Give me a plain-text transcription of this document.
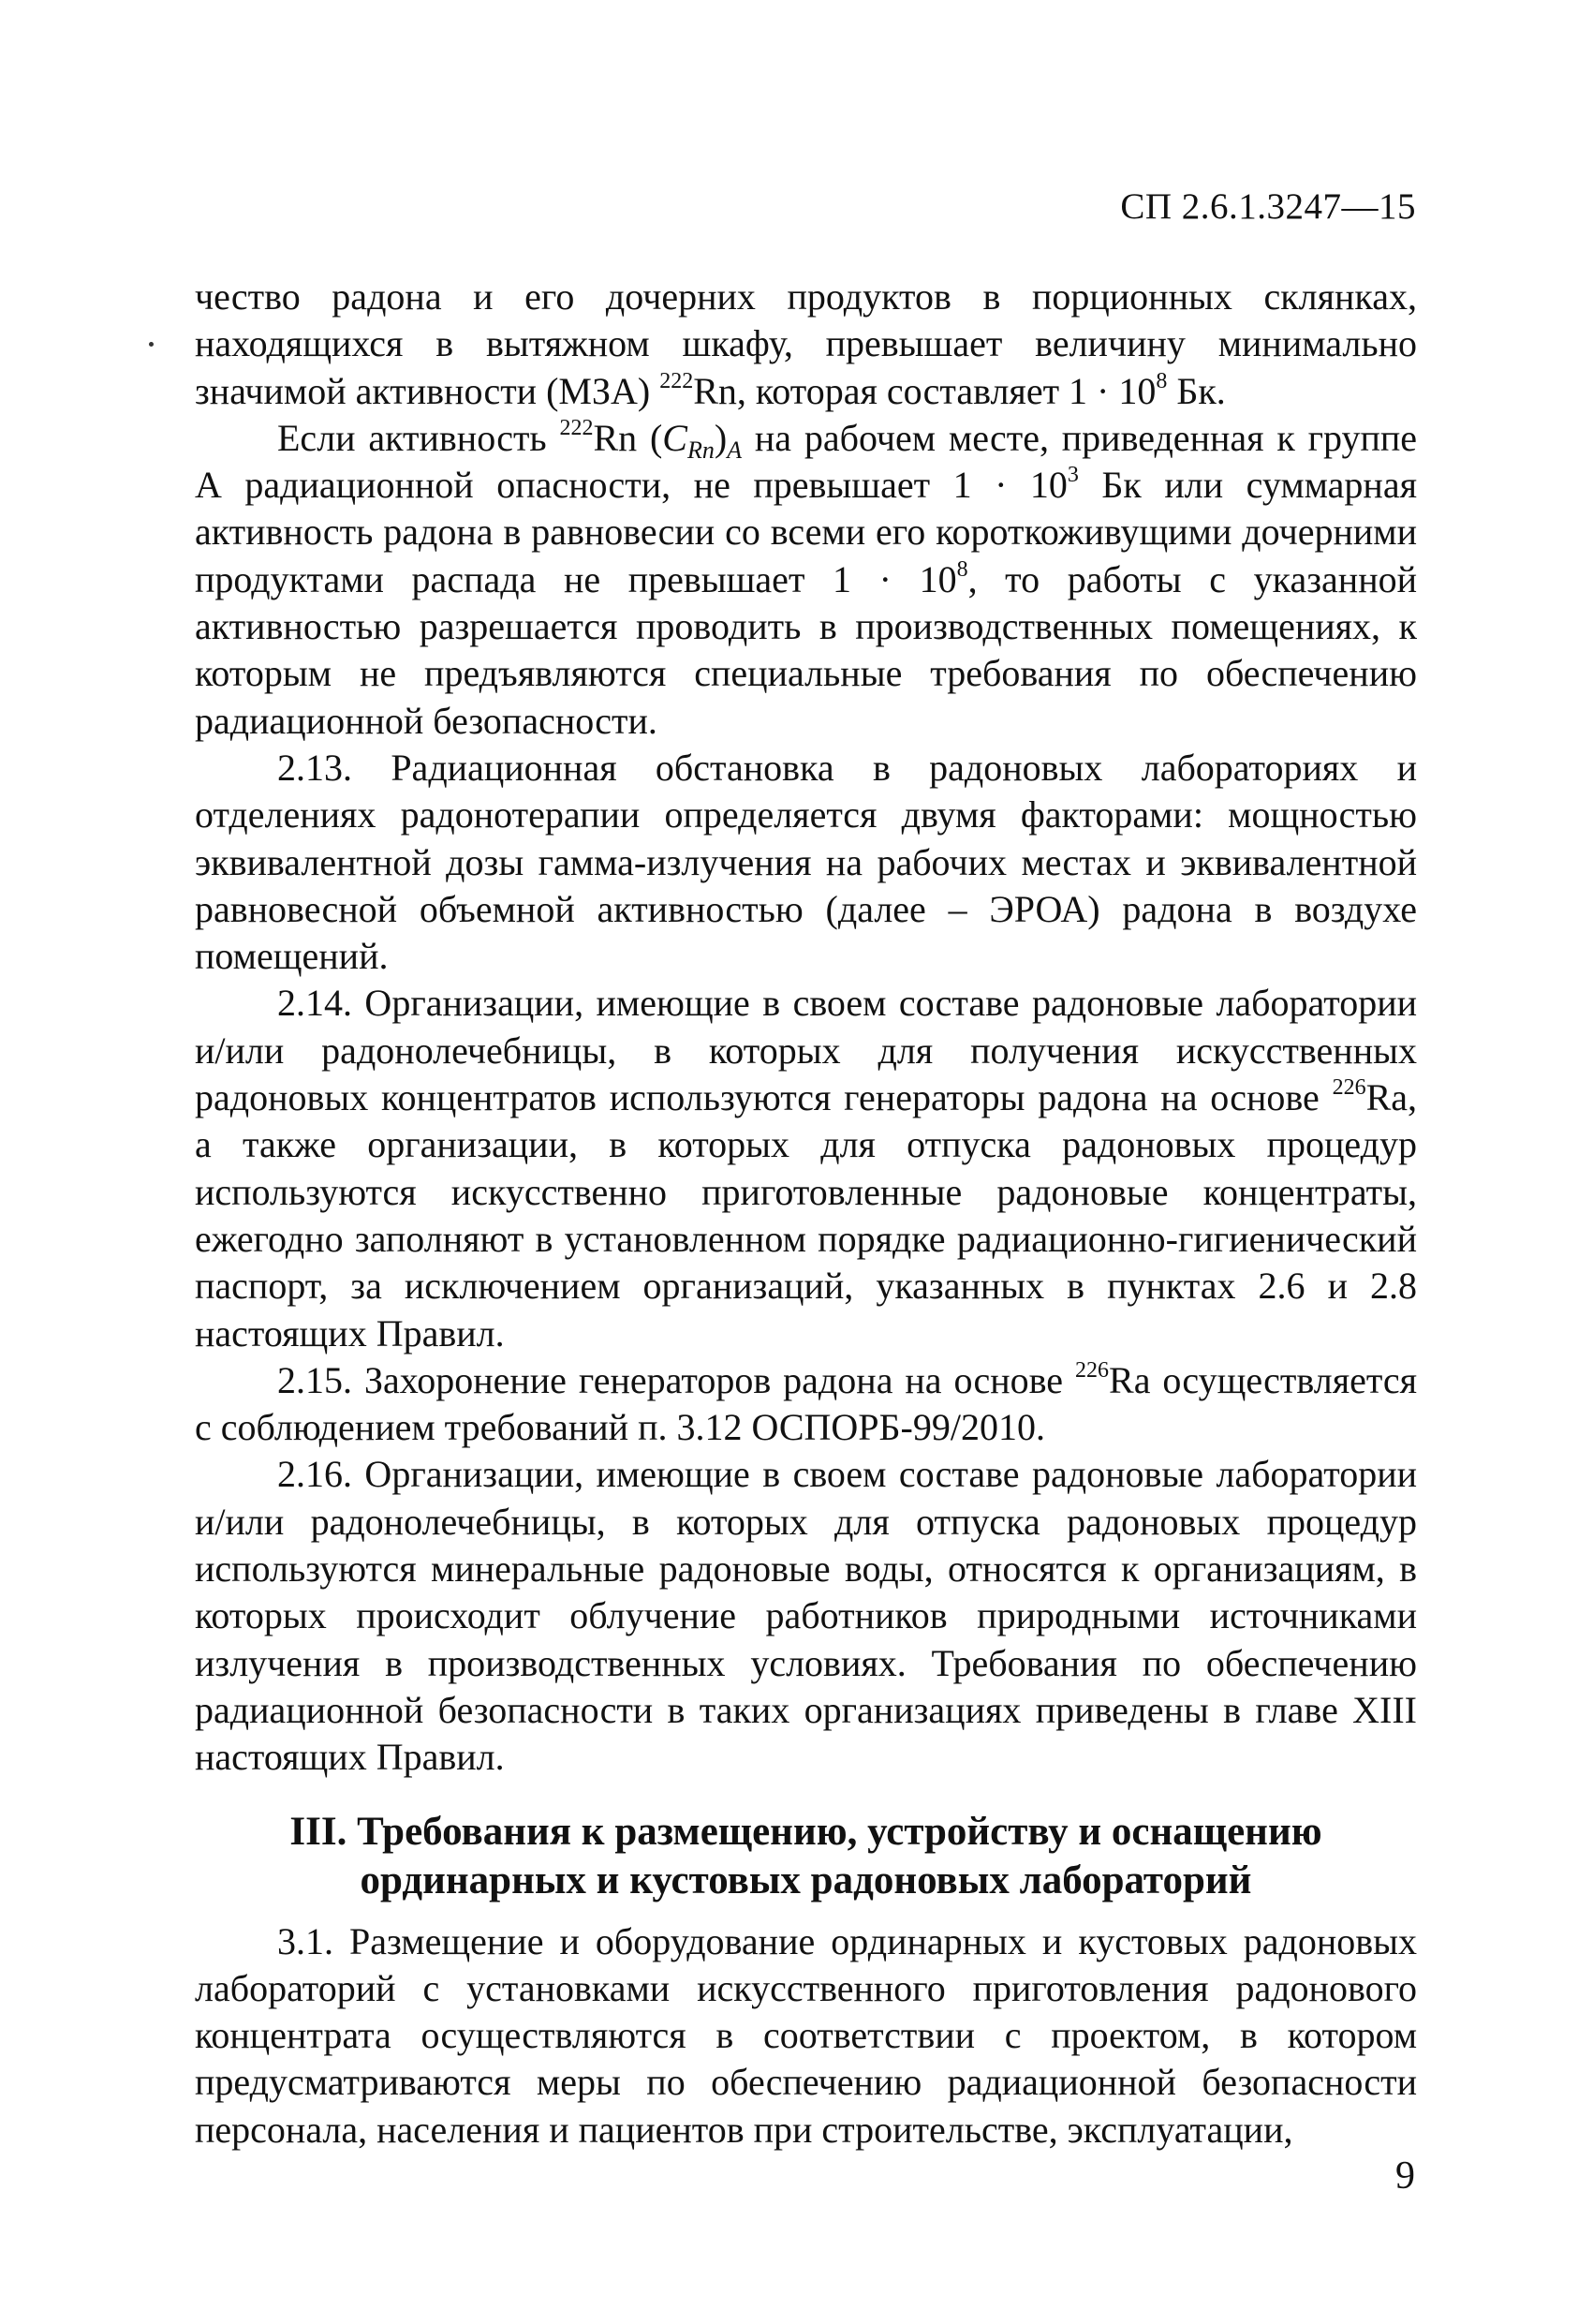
СП 2.6.1.3247—15

чество радона и его дочерних продуктов в порционных склянках, находящихся в вытяжном шкафу, превышает величину минимально значимой активности (МЗА) $^{222}$Rn, которая составляет $1 \cdot 10^8$ Бк.

Если активность $^{222}$Rn $(C_{Rn})_A$ на рабочем месте, приведенная к группе А радиационной опасности, не превышает $1 \cdot 10^3$ Бк или суммарная активность радона в равновесии со всеми его короткоживущими дочерними продуктами распада не превышает $1 \cdot 10^8$, то работы с указанной активностью разрешается проводить в производственных помещениях, к которым не предъявляются специальные требования по обеспечению радиационной безопасности.

2.13. Радиационная обстановка в радоновых лабораториях и отделениях радонотерапии определяется двумя факторами: мощностью эквивалентной дозы гамма-излучения на рабочих местах и эквивалентной равновесной объемной активностью (далее – ЭРОА) радона в воздухе помещений.

2.14. Организации, имеющие в своем составе радоновые лаборатории и/или радонолечебницы, в которых для получения искусственных радоновых концентратов используются генераторы радона на основе $^{226}$Ra, а также организации, в которых для отпуска радоновых процедур используются искусственно приготовленные радоновые концентраты, ежегодно заполняют в установленном порядке радиационно-гигиенический паспорт, за исключением организаций, указанных в пунктах 2.6 и 2.8 настоящих Правил.

2.15. Захоронение генераторов радона на основе $^{226}$Ra осуществляется с соблюдением требований п. 3.12 ОСПОРБ-99/2010.

2.16. Организации, имеющие в своем составе радоновые лаборатории и/или радонолечебницы, в которых для отпуска радоновых процедур используются минеральные радоновые воды, относятся к организациям, в которых происходит облучение работников природными источниками излучения в производственных условиях. Требования по обеспечению радиационной безопасности в таких организациях приведены в главе XIII настоящих Правил.

III. Требования к размещению, устройству и оснащению ординарных и кустовых радоновых лабораторий

3.1. Размещение и оборудование ординарных и кустовых радоновых лабораторий с установками искусственного приготовления радонового концентрата осуществляются в соответствии с проектом, в котором предусматриваются меры по обеспечению радиационной безопасности персонала, населения и пациентов при строительстве, эксплуатации,

9
